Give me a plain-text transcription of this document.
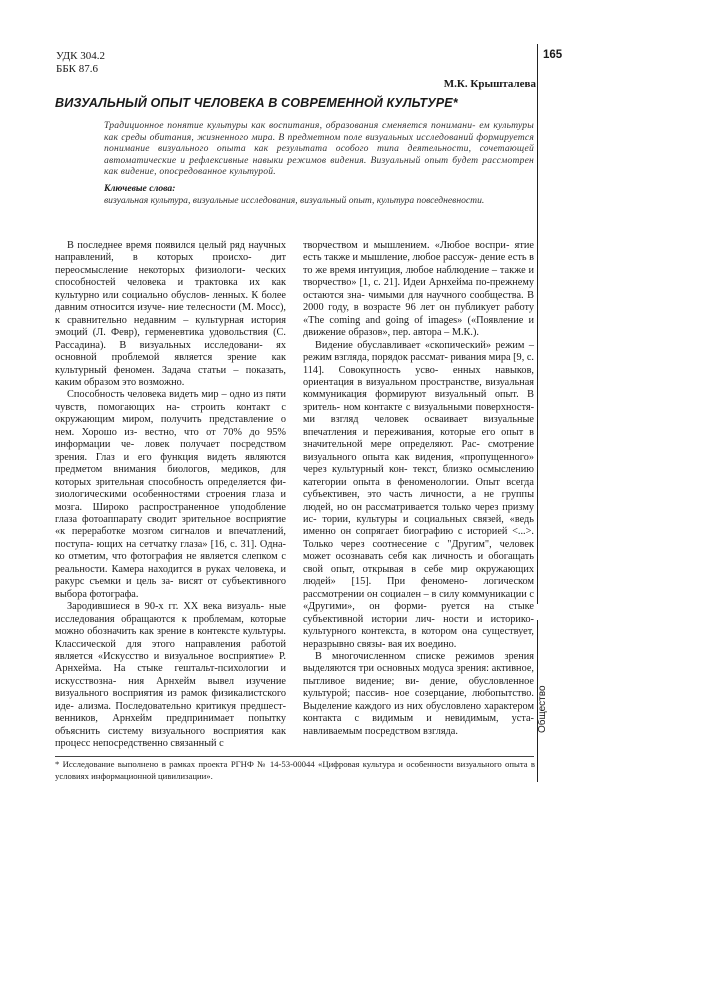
УДК 304.2
ББК 87.6
165
М.К. Крышталева
ВИЗУАЛЬНЫЙ ОПЫТ ЧЕЛОВЕКА В СОВРЕМЕННОЙ КУЛЬТУРЕ*
Традиционное понятие культуры как воспитания, образования сменяется понимани- ем культуры как среды обитания, жизненного мира. В предметном поле визуальных исследований формируется понимание визуального опыта как результата особого типа деятельности, сочетающей автоматические и рефлексивные навыки режимов видения. Визуальный опыт будет рассмотрен как видение, опосредованное культурой.
Ключевые слова:
визуальная культура, визуальные исследования, визуальный опыт, культура повседневности.

В последнее время появился целый ряд научных направлений, в которых происхо- дит переосмысление некоторых физиологи- ческих способностей человека и трактовка их как культурно или социально обуслов- ленных. К более давним относится изуче- ние телесности (М. Мосс), к сравнительно недавним – культурная история эмоций (Л. Февр), герменевтика удовольствия (С. Рассадина). В визуальных исследовани- ях основной проблемой является зрение как культурный феномен. Задача статьи – показать, каким образом это возможно.

Способность человека видеть мир – одно из пяти чувств, помогающих на- строить контакт с окружающим миром, получить представление о нем. Хорошо из- вестно, что от 70% до 95% информации че- ловек получает посредством зрения. Глаз и его функция видеть являются предметом внимания биологов, медиков, для которых зрительная способность определяется фи- зиологическими особенностями строения глаза и мозга. Широко распространенное уподобление глаза фотоаппарату сводит зрительное восприятие «к переработке мозгом сигналов и впечатлений, поступа- ющих на сетчатку глаза» [16, с. 31]. Одна- ко отметим, что фотография не является слепком с реальности. Камера находится в руках человека, и ракурс съемки и цель за- висят от субъективного выбора фотографа.

Зародившиеся в 90-х гг. XX века визуаль- ные исследования обращаются к проблемам, которые можно обозначить как зрение в контексте культуры. Классической для этого направления работой является «Искусство и визуальное восприятие» Р. Арнхейма. На стыке гештальт-психологии и искусствозна- ния Арнхейм вывел изучение визуального восприятия из рамок физикалистского иде- ализма. Последовательно критикуя предшест- венников, Арнхейм предпринимает попытку объяснить систему визуального восприятия как процесс непосредственно связанный с

творчеством и мышлением. «Любое воспри- ятие есть также и мышление, любое рассуж- дение есть в то же время интуиция, любое наблюдение – также и творчество» [1, с. 21]. Идеи Арнхейма по-прежнему остаются зна- чимыми для научного сообщества. В 2000 году, в возрасте 96 лет он публикует работу «The coming and going of images» («Появление и движение образов», пер. автора – М.К.).

Видение обуславливает «скопический» режим – режим взгляда, порядок рассмат- ривания мира [9, с. 114]. Совокупность усво- енных навыков, ориентация в визуальном пространстве, визуальная коммуникация формируют визуальный опыт. В зритель- ном контакте с визуальными поверхностя- ми взгляд человек осваивает визуальные впечатления и переживания, которые его опыт в значительной мере определяют. Рас- смотрение визуального опыта как видения, «пропущенного» через культурный кон- текст, близко осмыслению категории опыта в феноменологии. Опыт всегда субъективен, это часть личности, а не группы людей, но он рассматривается только через призму ис- тории, культуры и социальных связей, «ведь именно он сопрягает биографию с историей <...>. Только через соотнесение с "Другим", человек может осознавать себя как личность и обогащать свой опыт, открывая в себе мир окружающих людей» [15]. При феномено- логическом рассмотрении он социален – в силу коммуникации с «Другими», он форми- руется на стыке субъективной истории лич- ности и историко-культурного контекста, в котором она существует, неразрывно связы- вая их воедино.

В многочисленном списке режимов зрения выделяются три основных модуса зрения: активное, пытливое видение; ви- дение, обусловленное культурой; пассив- ное созерцание, любопытство. Выделение каждого из них обусловлено характером контакта с видимым и невидимым, уста- навливаемым посредством взгляда.

* Исследование выполнено в рамках проекта РГНФ № 14-53-00044 «Цифровая культура и особенности визуального опыта в условиях информационной цивилизации».
Общество
